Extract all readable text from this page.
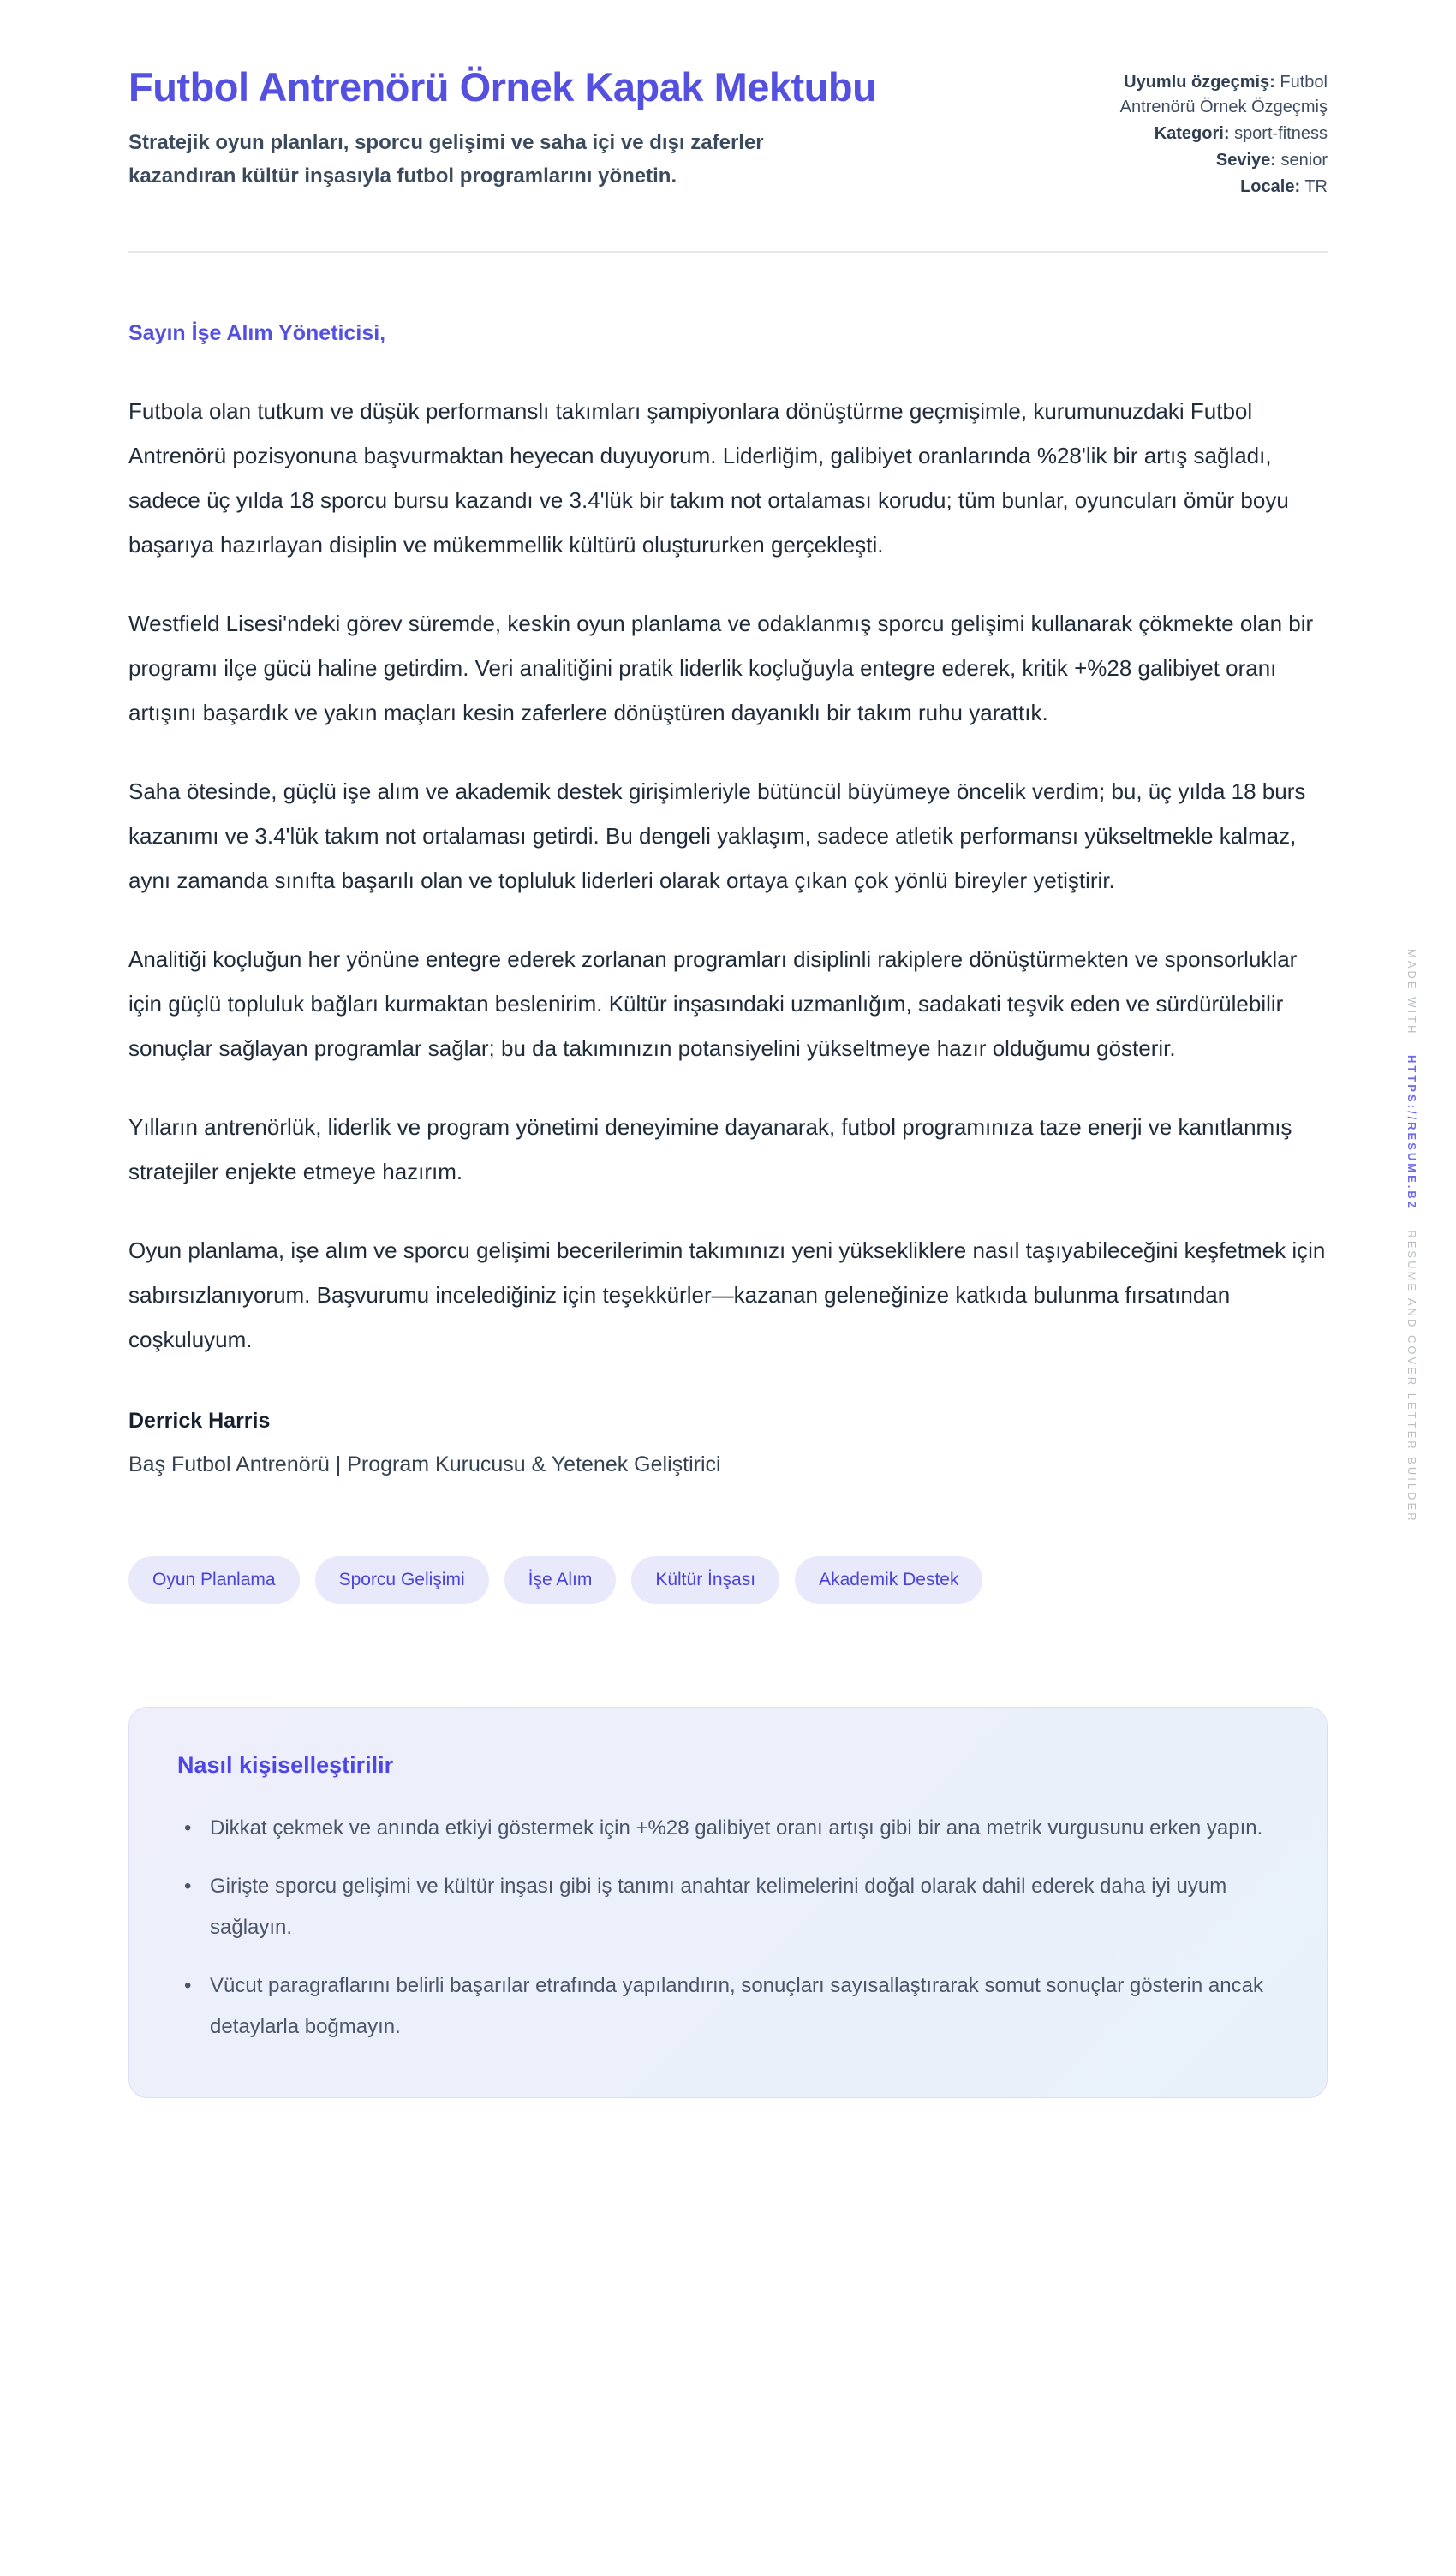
Futbol Antrenörü Örnek Kapak Mektubu

Stratejik oyun planları, sporcu gelişimi ve saha içi ve dışı zaferler kazandıran kültür inşasıyla futbol programlarını yönetin.

Uyumlu özgeçmiş: Futbol Antrenörü Örnek Özgeçmiş
Kategori: sport-fitness
Seviye: senior
Locale: TR

Sayın İşe Alım Yöneticisi,

Futbola olan tutkum ve düşük performanslı takımları şampiyonlara dönüştürme geçmişimle, kurumunuzdaki Futbol Antrenörü pozisyonuna başvurmaktan heyecan duyuyorum. Liderliğim, galibiyet oranlarında %28'lik bir artış sağladı, sadece üç yılda 18 sporcu bursu kazandı ve 3.4'lük bir takım not ortalaması korudu; tüm bunlar, oyuncuları ömür boyu başarıya hazırlayan disiplin ve mükemmellik kültürü oluştururken gerçekleşti.

Westfield Lisesi'ndeki görev süremde, keskin oyun planlama ve odaklanmış sporcu gelişimi kullanarak çökmekte olan bir programı ilçe gücü haline getirdim. Veri analitiğini pratik liderlik koçluğuyla entegre ederek, kritik +%28 galibiyet oranı artışını başardık ve yakın maçları kesin zaferlere dönüştüren dayanıklı bir takım ruhu yarattık.

Saha ötesinde, güçlü işe alım ve akademik destek girişimleriyle bütüncül büyümeye öncelik verdim; bu, üç yılda 18 burs kazanımı ve 3.4'lük takım not ortalaması getirdi. Bu dengeli yaklaşım, sadece atletik performansı yükseltmekle kalmaz, aynı zamanda sınıfta başarılı olan ve topluluk liderleri olarak ortaya çıkan çok yönlü bireyler yetiştirir.

Analitiği koçluğun her yönüne entegre ederek zorlanan programları disiplinli rakiplere dönüştürmekten ve sponsorluklar için güçlü topluluk bağları kurmaktan beslenirim. Kültür inşasındaki uzmanlığım, sadakati teşvik eden ve sürdürülebilir sonuçlar sağlayan programlar sağlar; bu da takımınızın potansiyelini yükseltmeye hazır olduğumu gösterir.

Yılların antrenörlük, liderlik ve program yönetimi deneyimine dayanarak, futbol programınıza taze enerji ve kanıtlanmış stratejiler enjekte etmeye hazırım.

Oyun planlama, işe alım ve sporcu gelişimi becerilerimin takımınızı yeni yüksekliklere nasıl taşıyabileceğini keşfetmek için sabırsızlanıyorum. Başvurumu incelediğiniz için teşekkürler—kazanan geleneğinize katkıda bulunma fırsatından coşkuluyum.

Derrick Harris

Baş Futbol Antrenörü | Program Kurucusu & Yetenek Geliştirici

Oyun Planlama	Sporcu Gelişimi	İşe Alım	Kültür İnşası	Akademik Destek
Nasıl kişiselleştirilir
• Dikkat çekmek ve anında etkiyi göstermek için +%28 galibiyet oranı artışı gibi bir ana metrik vurgusunu erken yapın.
• Girişte sporcu gelişimi ve kültür inşası gibi iş tanımı anahtar kelimelerini doğal olarak dahil ederek daha iyi uyum sağlayın.
• Vücut paragraflarını belirli başarılar etrafında yapılandırın, sonuçları sayısallaştırarak somut sonuçlar gösterin ancak detaylarla boğmayın.
MADE WİTH HTTPS://RESUME.BZ RESUME AND COVER LETTER BUİLDER
